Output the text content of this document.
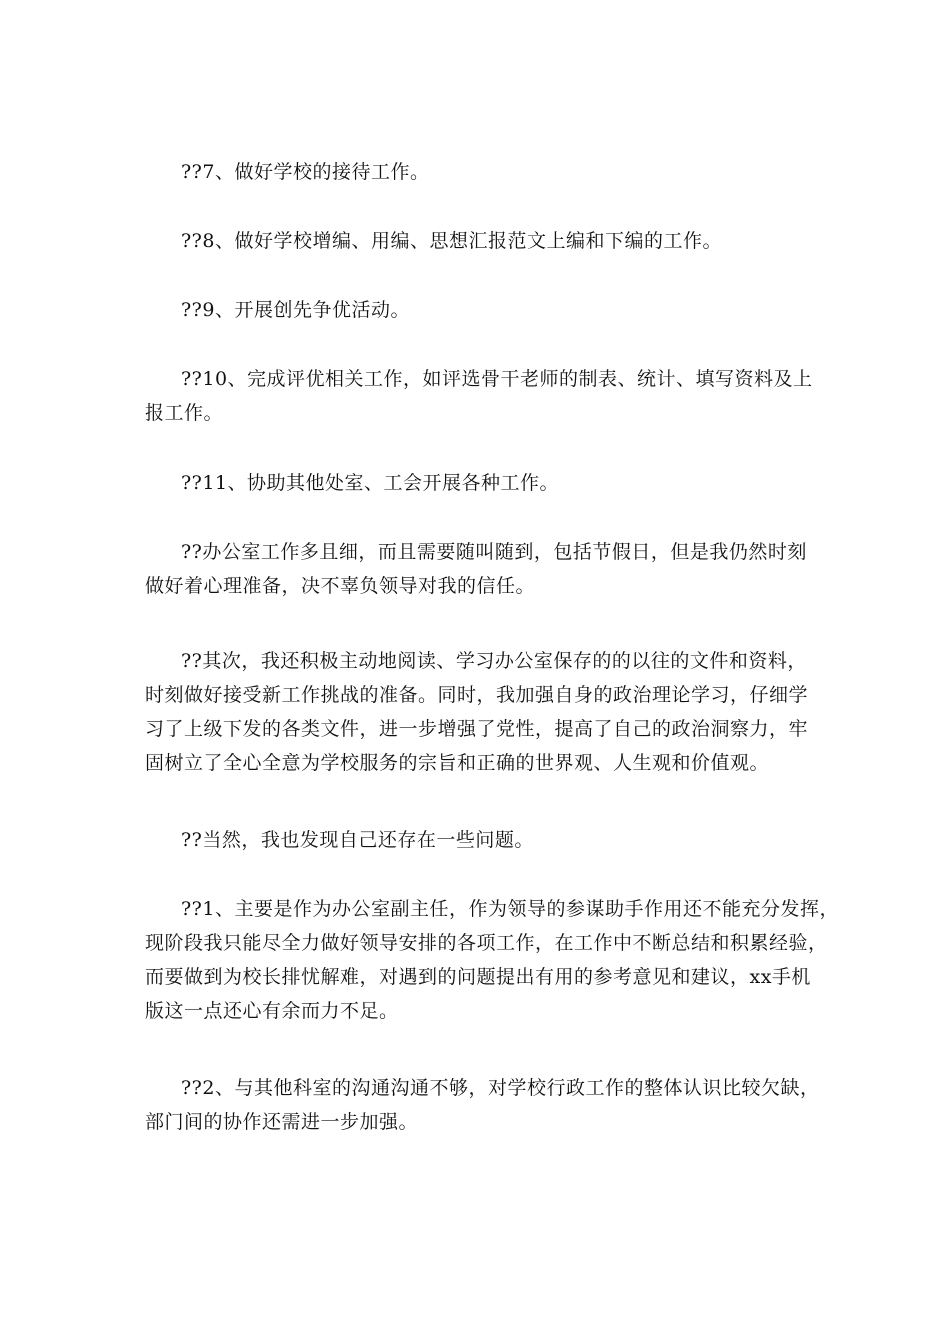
??7、做好学校的接待工作。

??8、做好学校增编、用编、思想汇报范文上编和下编的工作。

??9、开展创先争优活动。

??10、完成评优相关工作，如评选骨干老师的制表、统计、填写资料及上
报工作。

??11、协助其他处室、工会开展各种工作。

??办公室工作多且细，而且需要随叫随到，包括节假日，但是我仍然时刻
做好着心理准备，决不辜负领导对我的信任。

??其次，我还积极主动地阅读、学习办公室保存的的以往的文件和资料，
时刻做好接受新工作挑战的准备。同时，我加强自身的政治理论学习，仔细学
习了上级下发的各类文件，进一步增强了党性，提高了自己的政治洞察力，牢
固树立了全心全意为学校服务的宗旨和正确的世界观、人生观和价值观。

??当然，我也发现自己还存在一些问题。

??1、主要是作为办公室副主任，作为领导的参谋助手作用还不能充分发挥，
现阶段我只能尽全力做好领导安排的各项工作，在工作中不断总结和积累经验，
而要做到为校长排忧解难，对遇到的问题提出有用的参考意见和建议，xx手机
版这一点还心有余而力不足。

??2、与其他科室的沟通沟通不够，对学校行政工作的整体认识比较欠缺，
部门间的协作还需进一步加强。
